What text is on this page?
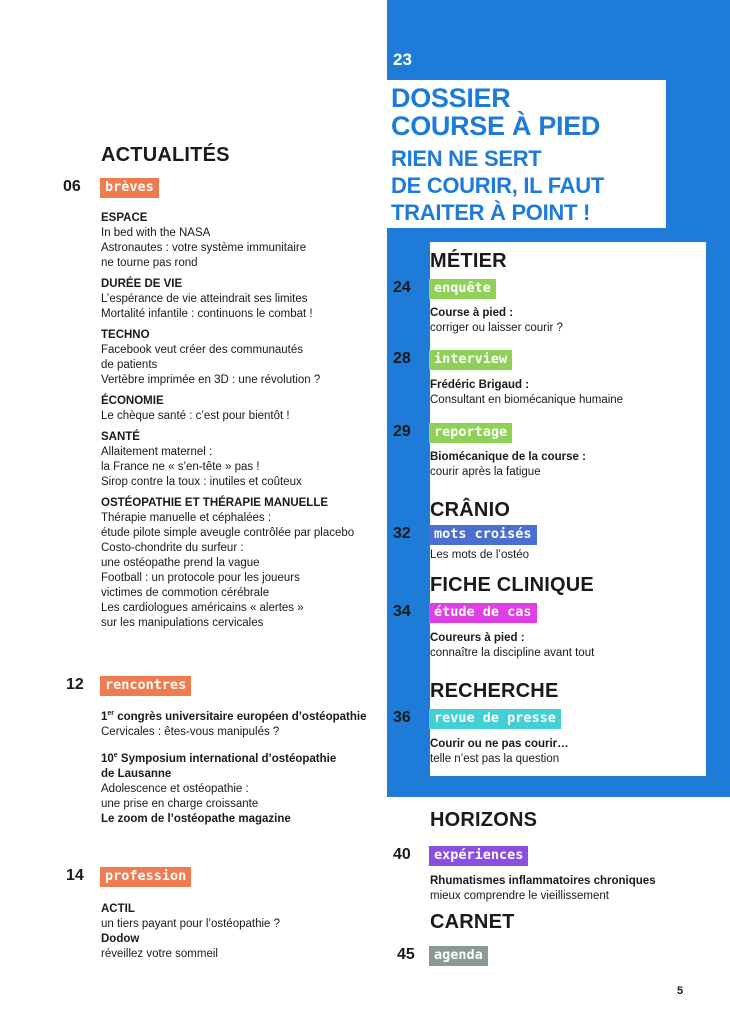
23
DOSSIER
COURSE À PIED
RIEN NE SERT
DE COURIR, IL FAUT
TRAITER À POINT !
ACTUALITÉS
06	brèves
ESPACE
In bed with the NASA
Astronautes : votre système immunitaire
ne tourne pas rond
DURÉE DE VIE
L’espérance de vie atteindrait ses limites
Mortalité infantile : continuons le combat !
TECHNO
Facebook veut créer des communautés
de patients
Vertèbre imprimée en 3D : une révolution ?
ÉCONOMIE
Le chèque santé : c’est pour bientôt !
SANTÉ
Allaitement maternel :
la France ne « s’en-tête » pas !
Sirop contre la toux : inutiles et coûteux
OSTÉOPATHIE ET THÉRAPIE MANUELLE
Thérapie manuelle et céphalées :
étude pilote simple aveugle contrôlée par placebo
Costo-chondrite du surfeur :
une ostéopathe prend la vague
Football : un protocole pour les joueurs
victimes de commotion cérébrale
Les cardiologues américains « alertes »
sur les manipulations cervicales
12	rencontres
1er congrès universitaire européen d’ostéopathie
Cervicales : êtes-vous manipulés ?
10e Symposium international d’ostéopathie
de Lausanne
Adolescence et ostéopathie :
une prise en charge croissante
Le zoom de l’ostéopathe magazine
14	profession
ACTIL
un tiers payant pour l’ostéopathie ?
Dodow
réveillez votre sommeil
MÉTIER
24	enquête
Course à pied :
corriger ou laisser courir ?
28	interview
Frédéric Brigaud :
Consultant en biomécanique humaine
29	reportage
Biomécanique de la course :
courir après la fatigue
CRÂNIO
32	mots croisés
Les mots de l’ostéo
FICHE CLINIQUE
34	étude de cas
Coureurs à pied :
connaître la discipline avant tout
RECHERCHE
36	revue de presse
Courir ou ne pas courir…
telle n’est pas la question
HORIZONS
40	expériences
Rhumatismes inflammatoires chroniques
mieux comprendre le vieillissement
CARNET
45	agenda
5
